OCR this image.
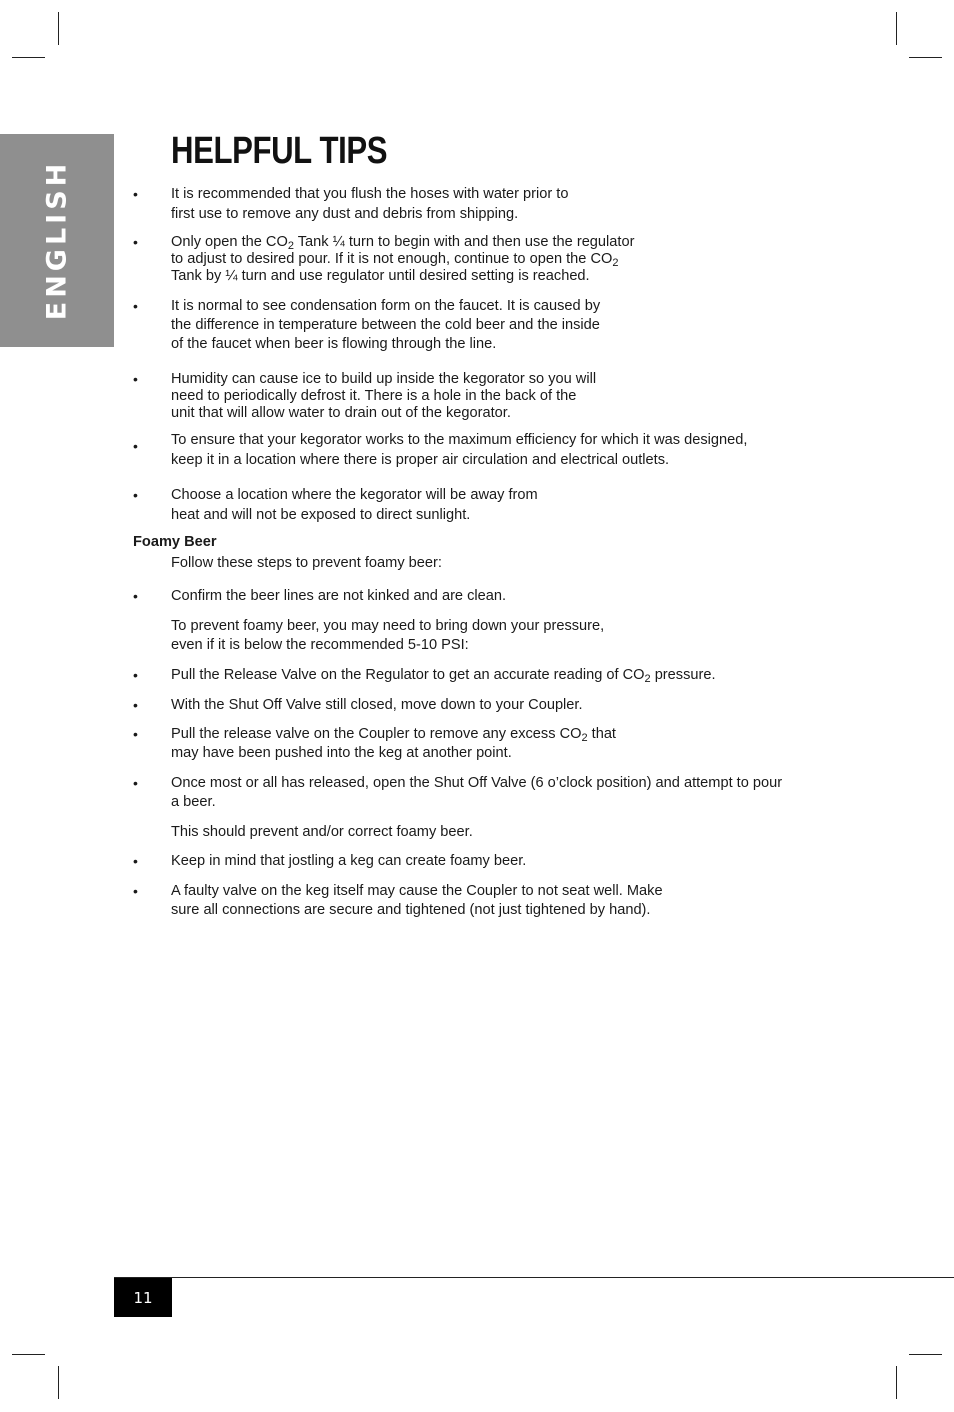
ENGLISH
HELPFUL TIPS
• It is recommended that you flush the hoses with water prior to
first use to remove any dust and debris from shipping.
• Only open the $CO_2$ Tank ¼ turn to begin with and then use the regulator
to adjust to desired pour. If it is not enough, continue to open the $CO_2$
Tank by ¼ turn and use regulator until desired setting is reached.
• It is normal to see condensation form on the faucet. It is caused by
the difference in temperature between the cold beer and the inside
of the faucet when beer is flowing through the line.
• Humidity can cause ice to build up inside the kegorator so you will
need to periodically defrost it. There is a hole in the back of the
unit that will allow water to drain out of the kegorator.
• To ensure that your kegorator works to the maximum efficiency for which it was designed,
keep it in a location where there is proper air circulation and electrical outlets.
• Choose a location where the kegorator will be away from
heat and will not be exposed to direct sunlight.
Foamy Beer
Follow these steps to prevent foamy beer:
• Confirm the beer lines are not kinked and are clean.
To prevent foamy beer, you may need to bring down your pressure,
even if it is below the recommended 5-10 PSI:
• Pull the Release Valve on the Regulator to get an accurate reading of $CO_2$ pressure.
• With the Shut Off Valve still closed, move down to your Coupler.
• Pull the release valve on the Coupler to remove any excess $CO_2$ that
may have been pushed into the keg at another point.
• Once most or all has released, open the Shut Off Valve (6 o’clock position) and attempt to pour
a beer.
This should prevent and/or correct foamy beer.
• Keep in mind that jostling a keg can create foamy beer.
• A faulty valve on the keg itself may cause the Coupler to not seat well. Make
sure all connections are secure and tightened (not just tightened by hand).
11
